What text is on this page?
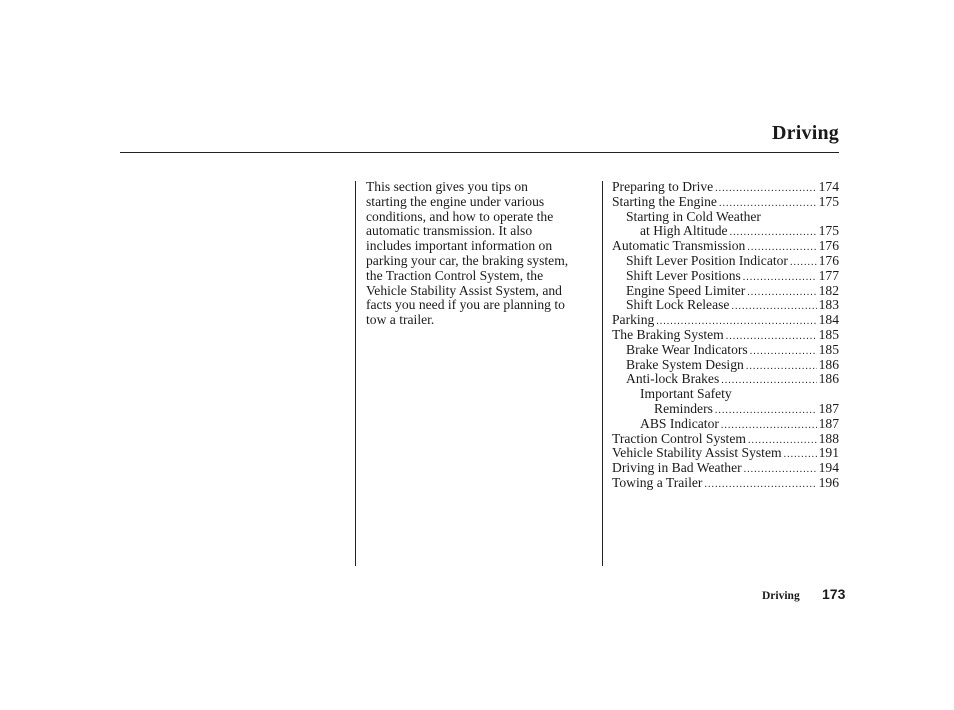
Driving
This section gives you tips on
starting the engine under various
conditions, and how to operate the
automatic transmission. It also
includes important information on
parking your car, the braking system,
the Traction Control System, the
Vehicle Stability Assist System, and
facts you need if you are planning to
tow a trailer.
Preparing to Drive .....	174
Starting the Engine .....	175
Starting in Cold Weather
at High Altitude .....	175
Automatic Transmission .....	176
Shift Lever Position Indicator ..... 176
Shift Lever Positions .....	177
Engine Speed Limiter .....	182
Shift Lock Release .....	183
Parking .....	184
The Braking System .....	185
Brake Wear Indicators .....	185
Brake System Design .....	186
Anti-lock Brakes .....	186
Important Safety
Reminders .....	187
ABS Indicator .....	187
Traction Control System .....	188
Vehicle Stability Assist System .....	191
Driving in Bad Weather .....	194
Towing a Trailer .....	196
Driving 173
